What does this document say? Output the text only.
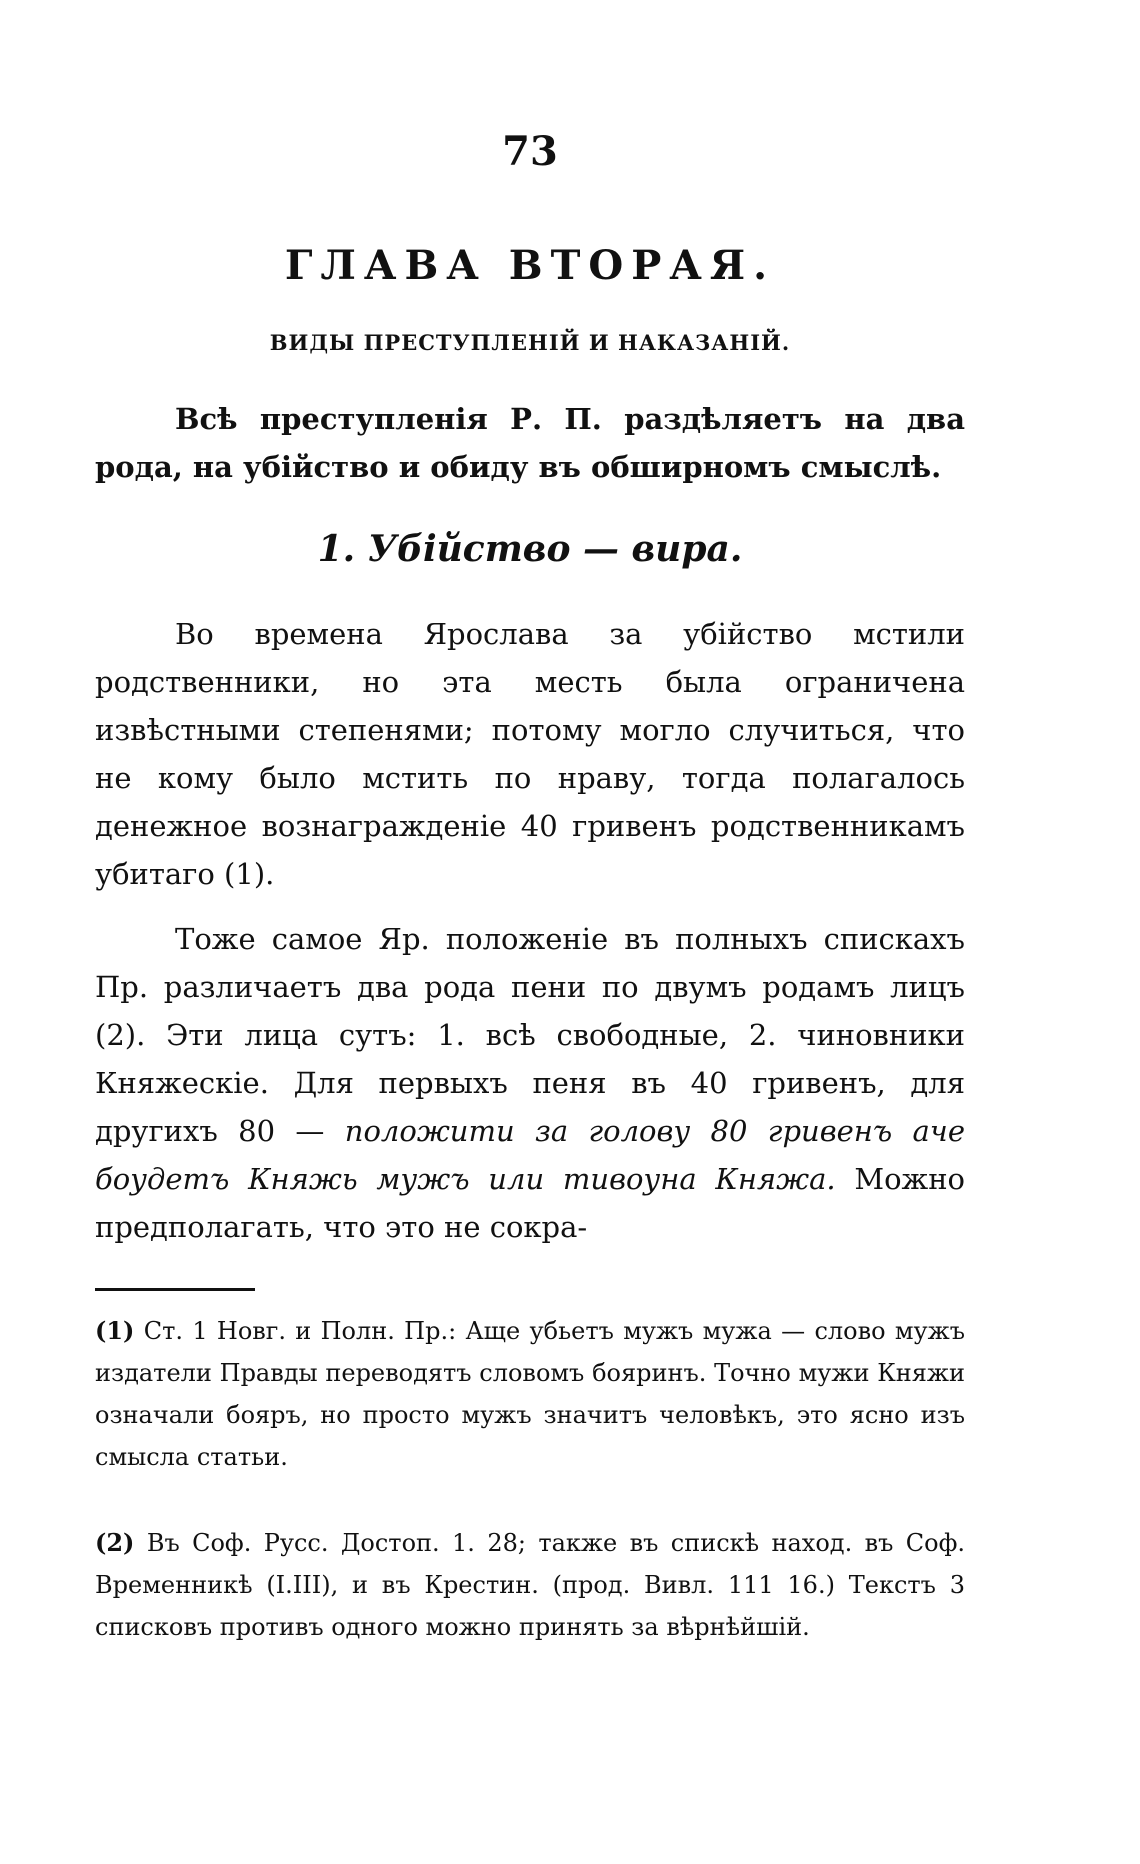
73
ГЛАВА ВТОРАЯ.
ВИДЫ ПРЕСТУПЛЕНІЙ И НАКАЗАНІЙ.

Всѣ преступленія Р. П. раздѣляетъ на два рода, на убійство и обиду въ обширномъ смыслѣ.

1. Убійство — вира.

Во времена Ярослава за убійство мстили родственники, но эта месть была ограничена извѣстными степенями; потому могло случиться, что не кому было мстить по нраву, тогда полагалось денежное вознагражденіе 40 гривенъ родственникамъ убитаго (1).

Тоже самое Яр. положеніе въ полныхъ спискахъ Пр. различаетъ два рода пени по двумъ родамъ лицъ (2). Эти лица сутъ: 1. всѣ свободные, 2. чиновники Княжескіе. Для первыхъ пеня въ 40 гривенъ, для другихъ 80 — положити за голову 80 гривенъ аче боудетъ Княжь мужъ или тивоуна Княжа. Можно предполагать, что это не сокра-

(1) Ст. 1 Новг. и Полн. Пр.: Аще убьетъ мужъ мужа — слово мужъ издатели Правды переводятъ словомъ бояринъ. Точно мужи Княжи означали бояръ, но просто мужъ значитъ человѣкъ, это ясно изъ смысла статьи.

(2) Въ Соф. Русс. Достоп. 1. 28; также въ спискѣ наход. въ Соф. Временникѣ (I.III), и въ Крестин. (прод. Вивл. 111 16.) Текстъ 3 списковъ противъ одного можно принять за вѣрнѣйшій.
